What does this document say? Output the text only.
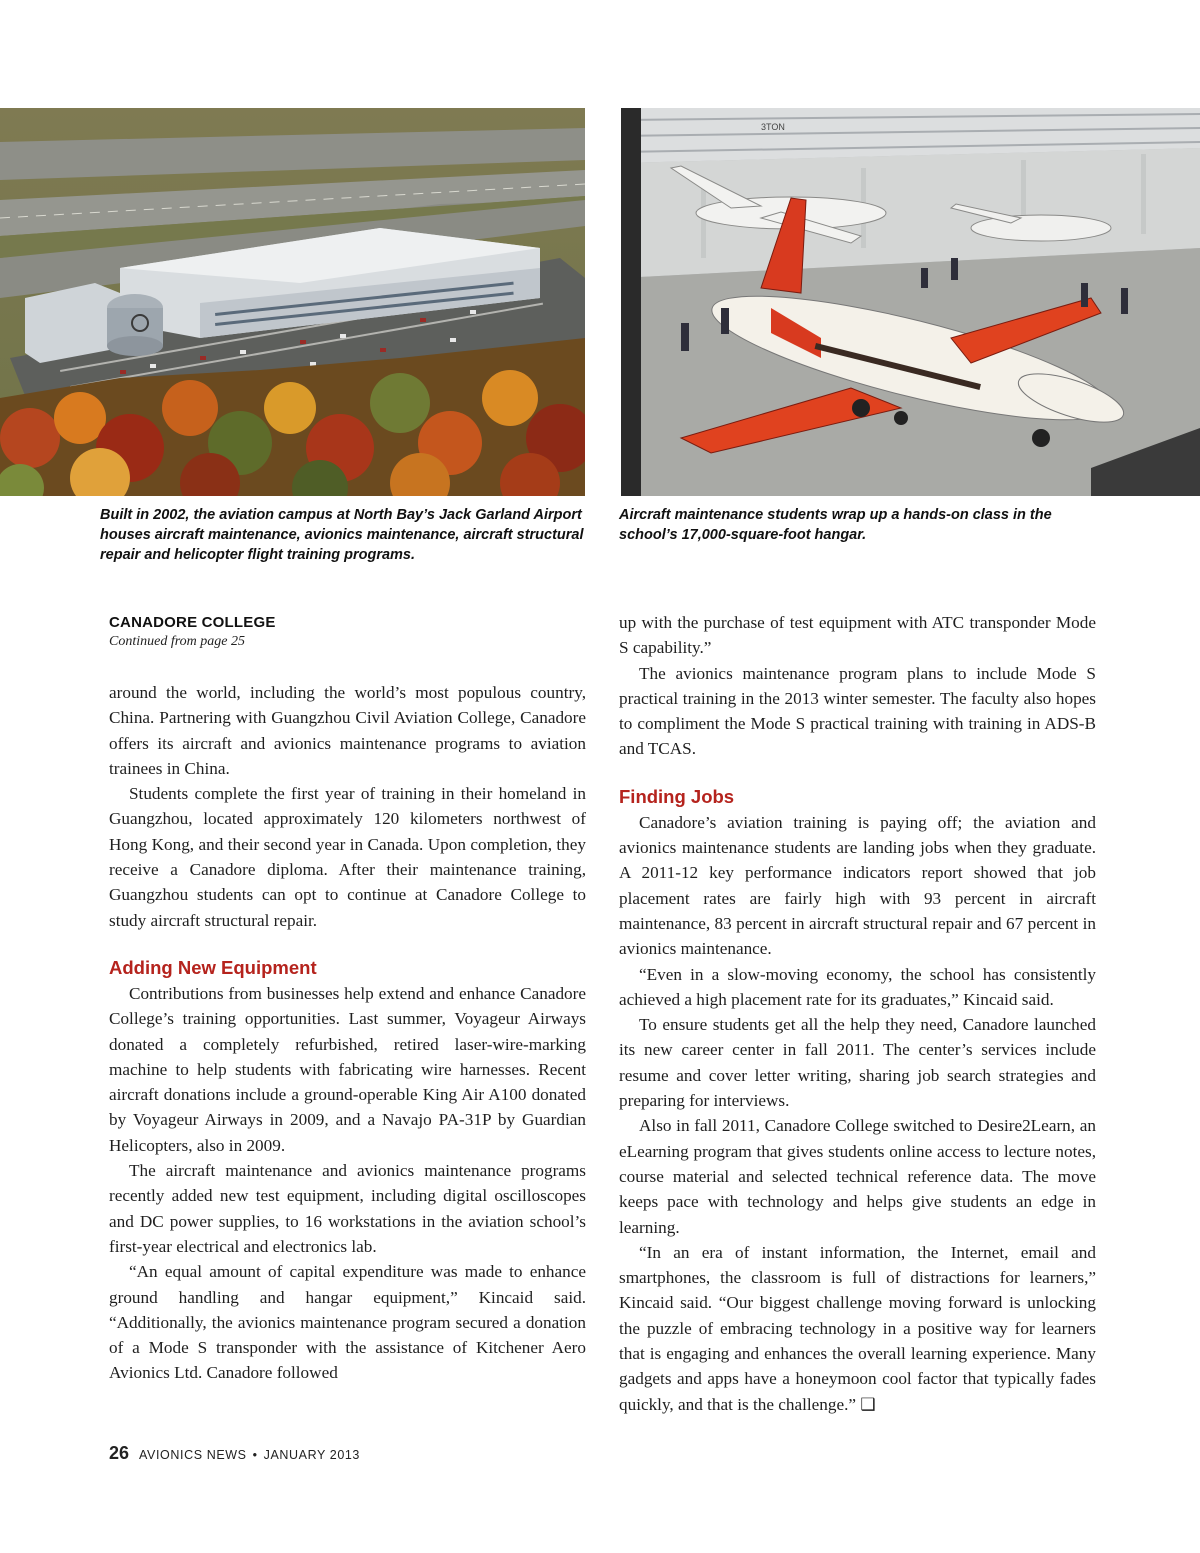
3TON
Built in 2002, the aviation campus at North Bay’s Jack Garland Airport houses aircraft maintenance, avionics maintenance, aircraft structural repair and helicopter flight training programs.
Aircraft maintenance students wrap up a hands-on class in the school’s 17,000-square-foot hangar.
CANADORE COLLEGE
Continued from page 25

around the world, including the world’s most populous country, China. Partnering with Guangzhou Civil Aviation College, Canadore offers its aircraft and avionics maintenance programs to aviation trainees in China.

Students complete the first year of training in their homeland in Guangzhou, located approximately 120 kilometers northwest of Hong Kong, and their second year in Canada. Upon completion, they receive a Canadore diploma. After their maintenance training, Guangzhou students can opt to continue at Canadore College to study aircraft structural repair.

Adding New Equipment

Contributions from businesses help extend and enhance Canadore College’s training opportunities. Last summer, Voyageur Airways donated a completely refurbished, retired laser-wire-marking machine to help students with fabricating wire harnesses. Recent aircraft donations include a ground-operable King Air A100 donated by Voyageur Airways in 2009, and a Navajo PA-31P by Guardian Helicopters, also in 2009.

The aircraft maintenance and avionics maintenance programs recently added new test equipment, including digital oscilloscopes and DC power supplies, to 16 workstations in the aviation school’s first-year electrical and electronics lab.

“An equal amount of capital expenditure was made to enhance ground handling and hangar equipment,” Kincaid said. “Additionally, the avionics maintenance program secured a donation of a Mode S transponder with the assistance of Kitchener Aero Avionics Ltd. Canadore followed

up with the purchase of test equipment with ATC transponder Mode S capability.”

The avionics maintenance program plans to include Mode S practical training in the 2013 winter semester. The faculty also hopes to compliment the Mode S practical training with training in ADS-B and TCAS.

Finding Jobs

Canadore’s aviation training is paying off; the aviation and avionics maintenance students are landing jobs when they graduate. A 2011-12 key performance indicators report showed that job placement rates are fairly high with 93 percent in aircraft maintenance, 83 percent in aircraft structural repair and 67 percent in avionics maintenance.

“Even in a slow-moving economy, the school has consistently achieved a high placement rate for its graduates,” Kincaid said.

To ensure students get all the help they need, Canadore launched its new career center in fall 2011. The center’s services include resume and cover letter writing, sharing job search strategies and preparing for interviews.

Also in fall 2011, Canadore College switched to Desire2Learn, an eLearning program that gives students online access to lecture notes, course material and selected technical reference data. The move keeps pace with technology and helps give students an edge in learning.

“In an era of instant information, the Internet, email and smartphones, the classroom is full of distractions for learners,” Kincaid said. “Our biggest challenge moving forward is unlocking the puzzle of embracing technology in a positive way for learners that is engaging and enhances the overall learning experience. Many gadgets and apps have a honeymoon cool factor that typically fades quickly, and that is the challenge.” ❑

26 AVIONICS NEWS • JANUARY 2013
